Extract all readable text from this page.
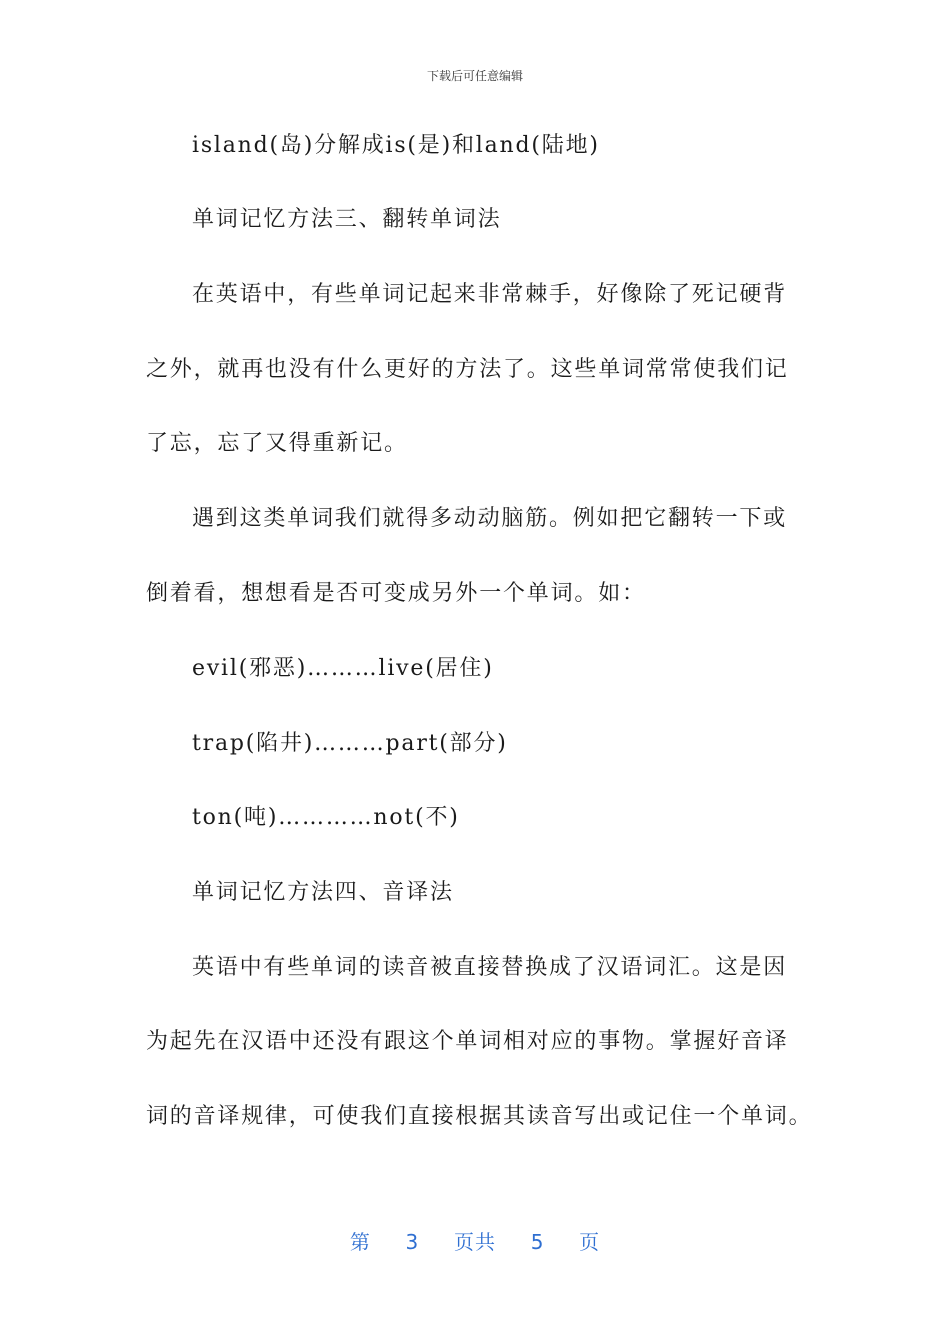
下载后可任意编辑
island(岛)分解成is(是)和land(陆地)
单词记忆方法三、翻转单词法
在英语中，有些单词记起来非常棘手，好像除了死记硬背
之外，就再也没有什么更好的方法了。这些单词常常使我们记
了忘，忘了又得重新记。
遇到这类单词我们就得多动动脑筋。例如把它翻转一下或
倒着看，想想看是否可变成另外一个单词。如：
evil(邪恶)………live(居住)
trap(陷井)………part(部分)
ton(吨)…………not(不)
单词记忆方法四、音译法
英语中有些单词的读音被直接替换成了汉语词汇。这是因
为起先在汉语中还没有跟这个单词相对应的事物。掌握好音译
词的音译规律，可使我们直接根据其读音写出或记住一个单词。
第 3 页共 5 页
